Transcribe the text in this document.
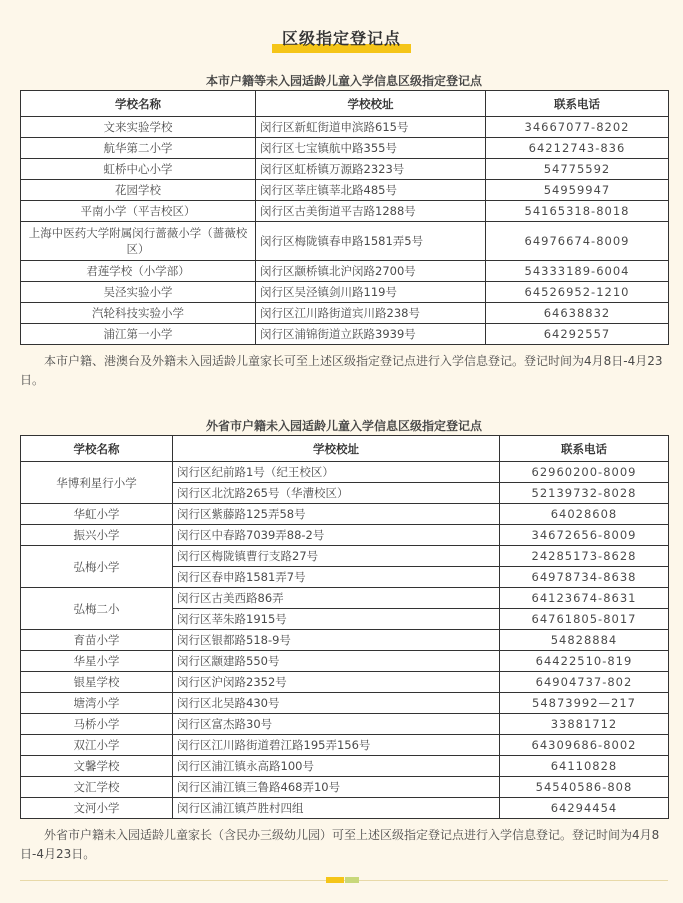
区级指定登记点
本市户籍等未入园适龄儿童入学信息区级指定登记点
学校名称	学校校址	联系电话
文来实验学校	闵行区新虹街道申滨路615号	34667077-8202
航华第二小学	闵行区七宝镇航中路355号	64212743-836
虹桥中心小学	闵行区虹桥镇万源路2323号	54775592
花园学校	闵行区莘庄镇莘北路485号	54959947
平南小学（平吉校区）	闵行区古美街道平吉路1288号	54165318-8018
上海中医药大学附属闵行蔷薇小学（蔷薇校区）	闵行区梅陇镇春申路1581弄5号	64976674-8009
君莲学校（小学部）	闵行区颛桥镇北沪闵路2700号	54333189-6004
吴泾实验小学	闵行区吴泾镇剑川路119号	64526952-1210
汽轮科技实验小学	闵行区江川路街道宾川路238号	64638832
浦江第一小学	闵行区浦锦街道立跃路3939号	64292557
本市户籍、港澳台及外籍未入园适龄儿童家长可至上述区级指定登记点进行入学信息登记。登记时间为4月8日-4月23日。
外省市户籍未入园适龄儿童入学信息区级指定登记点
学校名称	学校校址	联系电话
华博利星行小学	闵行区纪前路1号（纪王校区）	62960200-8009
	闵行区北沈路265号（华漕校区）	52139732-8028
华虹小学	闵行区紫藤路125弄58号	64028608
振兴小学	闵行区中春路7039弄88-2号	34672656-8009
弘梅小学	闵行区梅陇镇曹行支路27号	24285173-8628
	闵行区春申路1581弄7号	64978734-8638
弘梅二小	闵行区古美西路86弄	64123674-8631
	闵行区莘朱路1915号	64761805-8017
育苗小学	闵行区银都路518-9号	54828884
华星小学	闵行区颛建路550号	64422510-819
银星学校	闵行区沪闵路2352号	64904737-802
塘湾小学	闵行区北吴路430号	54873992—217
马桥小学	闵行区富杰路30号	33881712
双江小学	闵行区江川路街道碧江路195弄156号	64309686-8002
文馨学校	闵行区浦江镇永高路100号	64110828
文汇学校	闵行区浦江镇三鲁路468弄10号	54540586-808
文河小学	闵行区浦江镇芦胜村四组	64294454
外省市户籍未入园适龄儿童家长（含民办三级幼儿园）可至上述区级指定登记点进行入学信息登记。登记时间为4月8日-4月23日。
